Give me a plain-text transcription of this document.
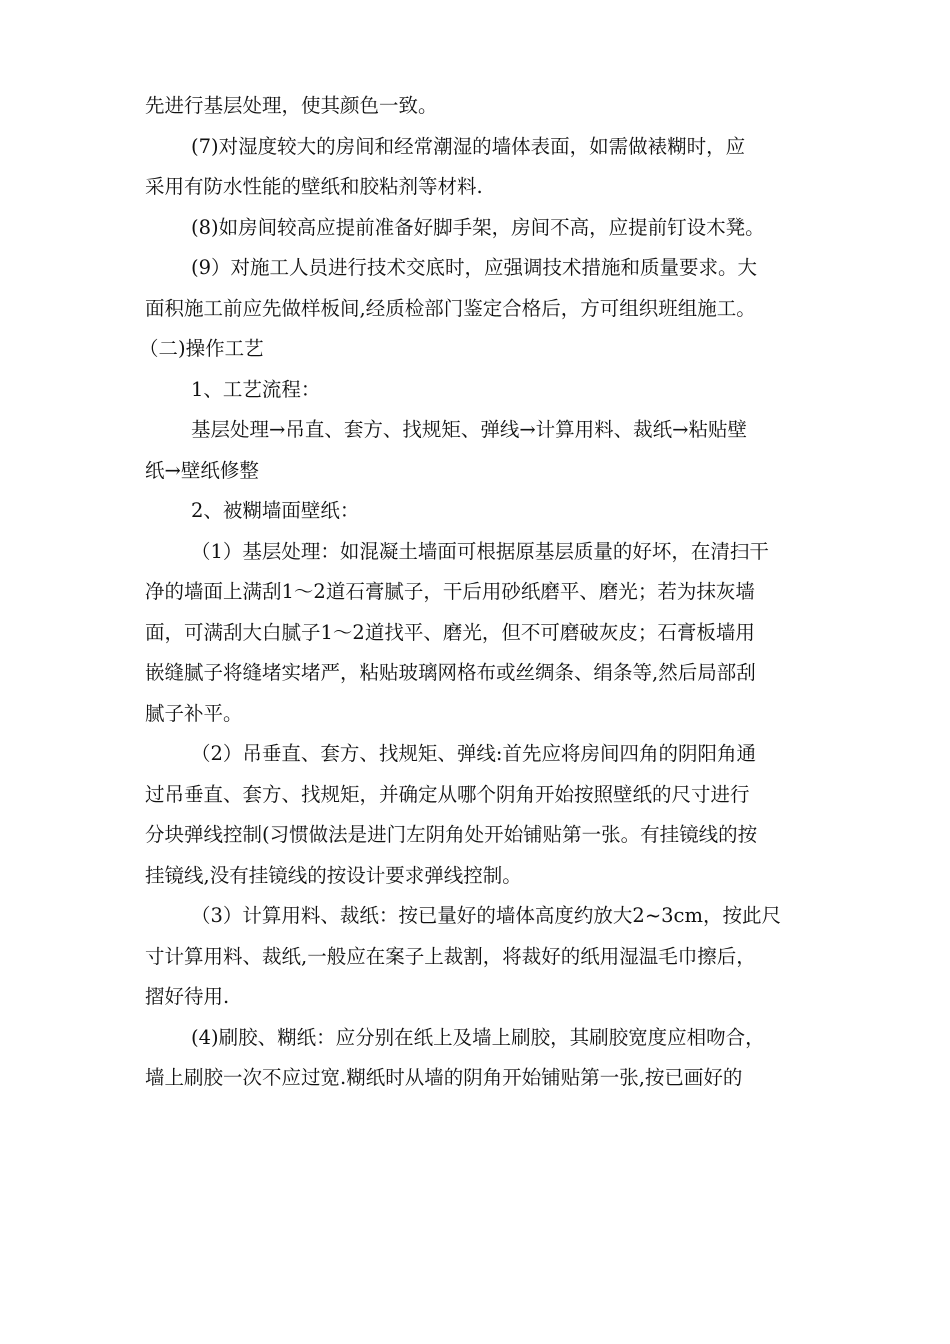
先进行基层处理，使其颜色一致。
(7)对湿度较大的房间和经常潮湿的墙体表面，如需做裱糊时，应
采用有防水性能的壁纸和胶粘剂等材料.
(8)如房间较高应提前准备好脚手架，房间不高，应提前钉设木凳。
(9）对施工人员进行技术交底时，应强调技术措施和质量要求。大
面积施工前应先做样板间,经质检部门鉴定合格后，方可组织班组施工。
（二)操作工艺
1、工艺流程：
基层处理→吊直、套方、找规矩、弹线→计算用料、裁纸→粘贴壁
纸→壁纸修整
2、被糊墙面壁纸：
（1）基层处理：如混凝土墙面可根据原基层质量的好坏，在清扫干
净的墙面上满刮1～2道石膏腻子，干后用砂纸磨平、磨光；若为抹灰墙
面，可满刮大白腻子1～2道找平、磨光，但不可磨破灰皮；石膏板墙用
嵌缝腻子将缝堵实堵严，粘贴玻璃网格布或丝绸条、绢条等,然后局部刮
腻子补平。
（2）吊垂直、套方、找规矩、弹线:首先应将房间四角的阴阳角通
过吊垂直、套方、找规矩，并确定从哪个阴角开始按照壁纸的尺寸进行
分块弹线控制(习惯做法是进门左阴角处开始铺贴第一张。有挂镜线的按
挂镜线,没有挂镜线的按设计要求弹线控制。
（3）计算用料、裁纸：按已量好的墙体高度约放大2~3cm，按此尺
寸计算用料、裁纸,一般应在案子上裁割，将裁好的纸用湿温毛巾擦后，
摺好待用.
(4)刷胶、糊纸：应分别在纸上及墙上刷胶，其刷胶宽度应相吻合，
墙上刷胶一次不应过宽.糊纸时从墙的阴角开始铺贴第一张,按已画好的
